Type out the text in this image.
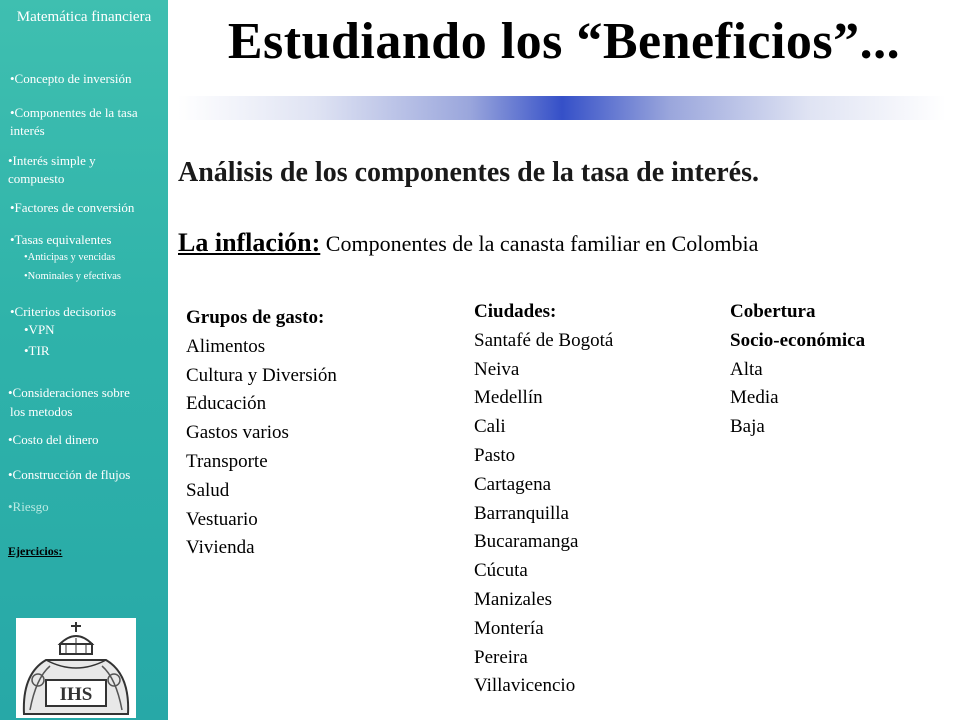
Matemática financiera
•Concepto de inversión
•Componentes de la tasa
interés
•Interés simple y
compuesto
•Factores de conversión
•Tasas equivalentes
•Anticipas y vencidas
•Nominales y efectivas
•Criterios decisorios
•VPN
•TIR
•Consideraciones sobre
los metodos
•Costo del dinero
•Construcción de flujos
•Riesgo
Ejercicios:
IHS
Estudiando los “Beneficios”...
Análisis de los componentes de la tasa de interés.
La inflación: Componentes de la canasta familiar en Colombia
Grupos de gasto:
Alimentos
Cultura y Diversión
Educación
Gastos varios
Transporte
Salud
Vestuario
Vivienda
Ciudades:
Santafé de Bogotá
Neiva
Medellín
Cali
Pasto
Cartagena
Barranquilla
Bucaramanga
Cúcuta
Manizales
Montería
Pereira
Villavicencio
Cobertura
Socio-económica
Alta
Media
Baja
